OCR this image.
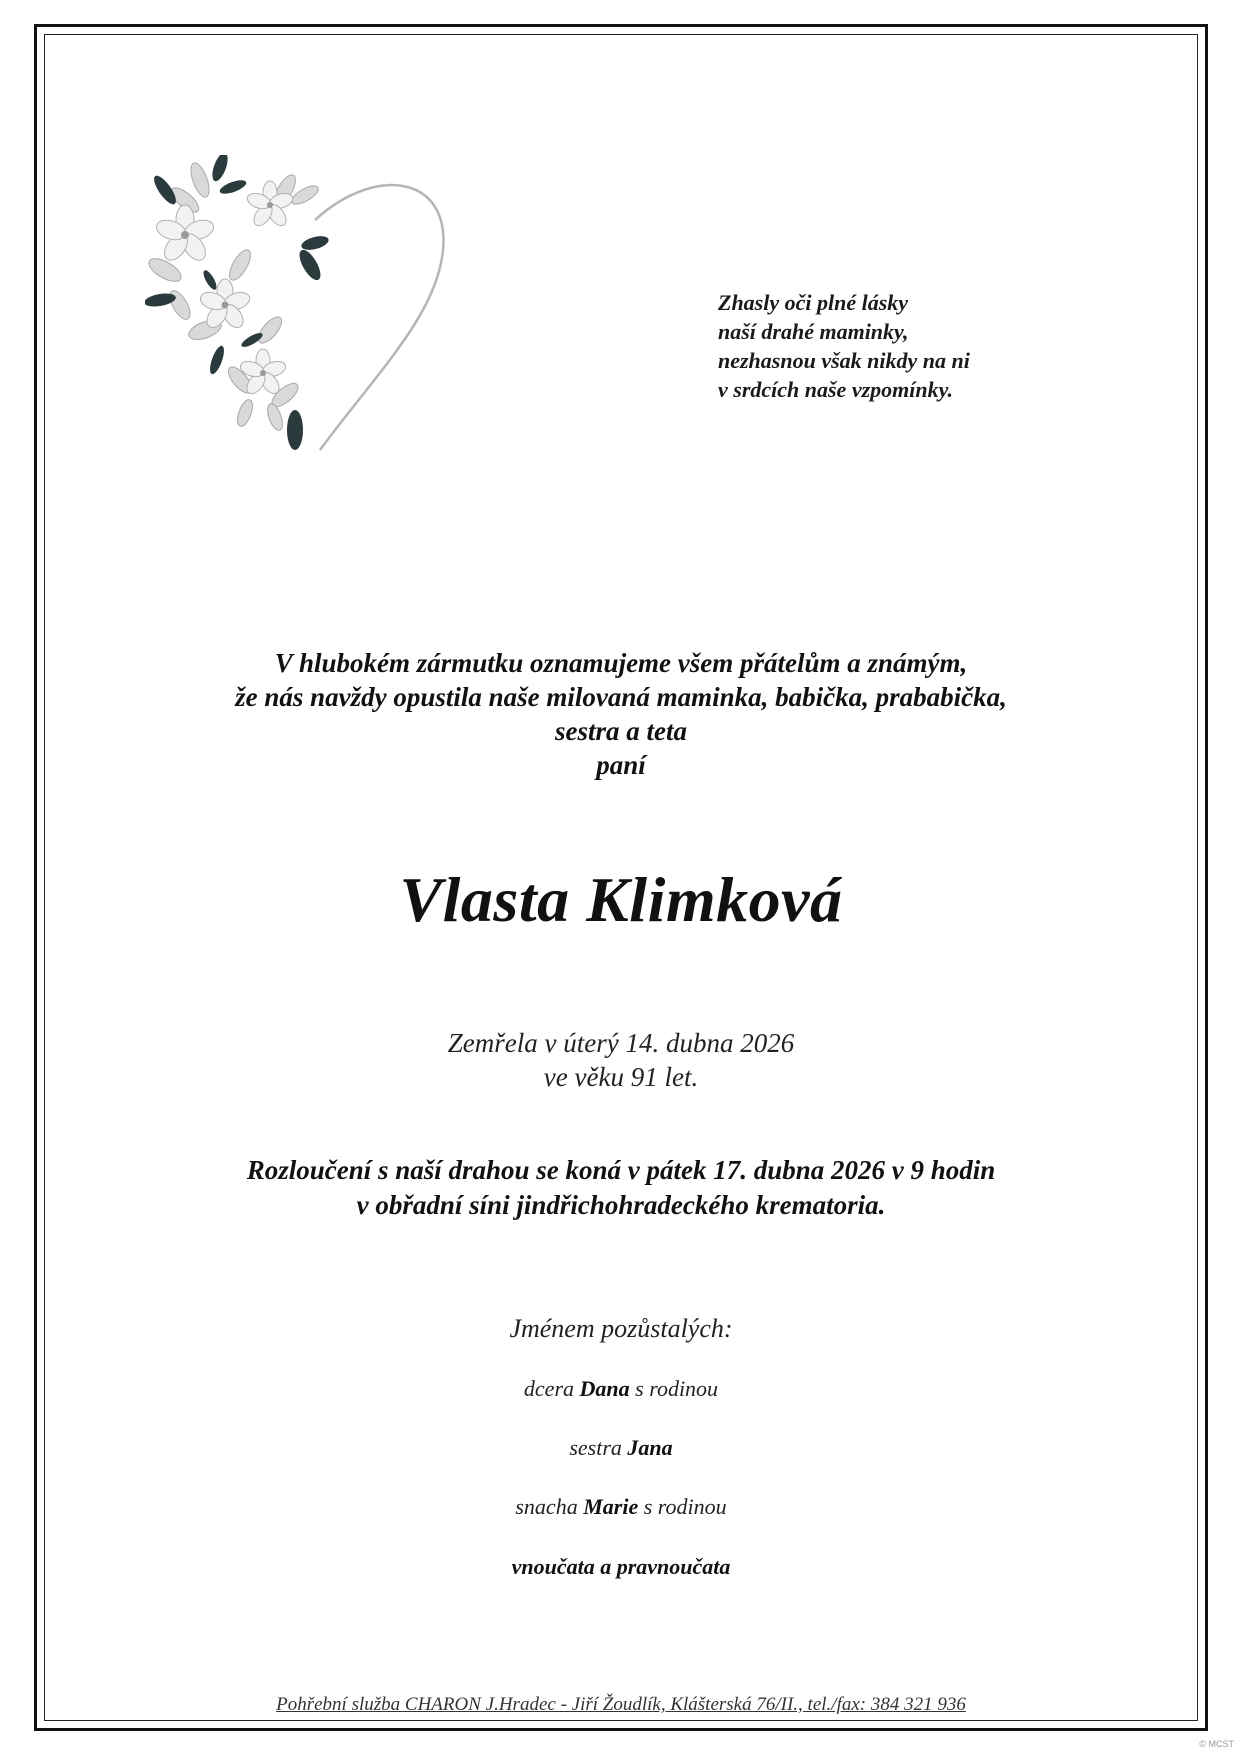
Zhasly oči plné lásky
naší drahé maminky,
nezhasnou však nikdy na ni
v srdcích naše vzpomínky.
V hlubokém zármutku oznamujeme všem přátelům a známým,
že nás navždy opustila naše milovaná maminka, babička, prababička,
sestra a teta
paní
Vlasta Klimková
Zemřela v úterý 14. dubna 2026
ve věku 91 let.
Rozloučení s naší drahou se koná v pátek 17. dubna 2026 v 9 hodin
v obřadní síni jindřichohradeckého krematoria.
Jménem pozůstalých:
dcera Dana s rodinou
sestra Jana
snacha Marie s rodinou
vnoučata a pravnoučata
Pohřební služba CHARON J.Hradec - Jiří Žoudlík, Klášterská 76/II., tel./fax: 384 321 936
© MCST
